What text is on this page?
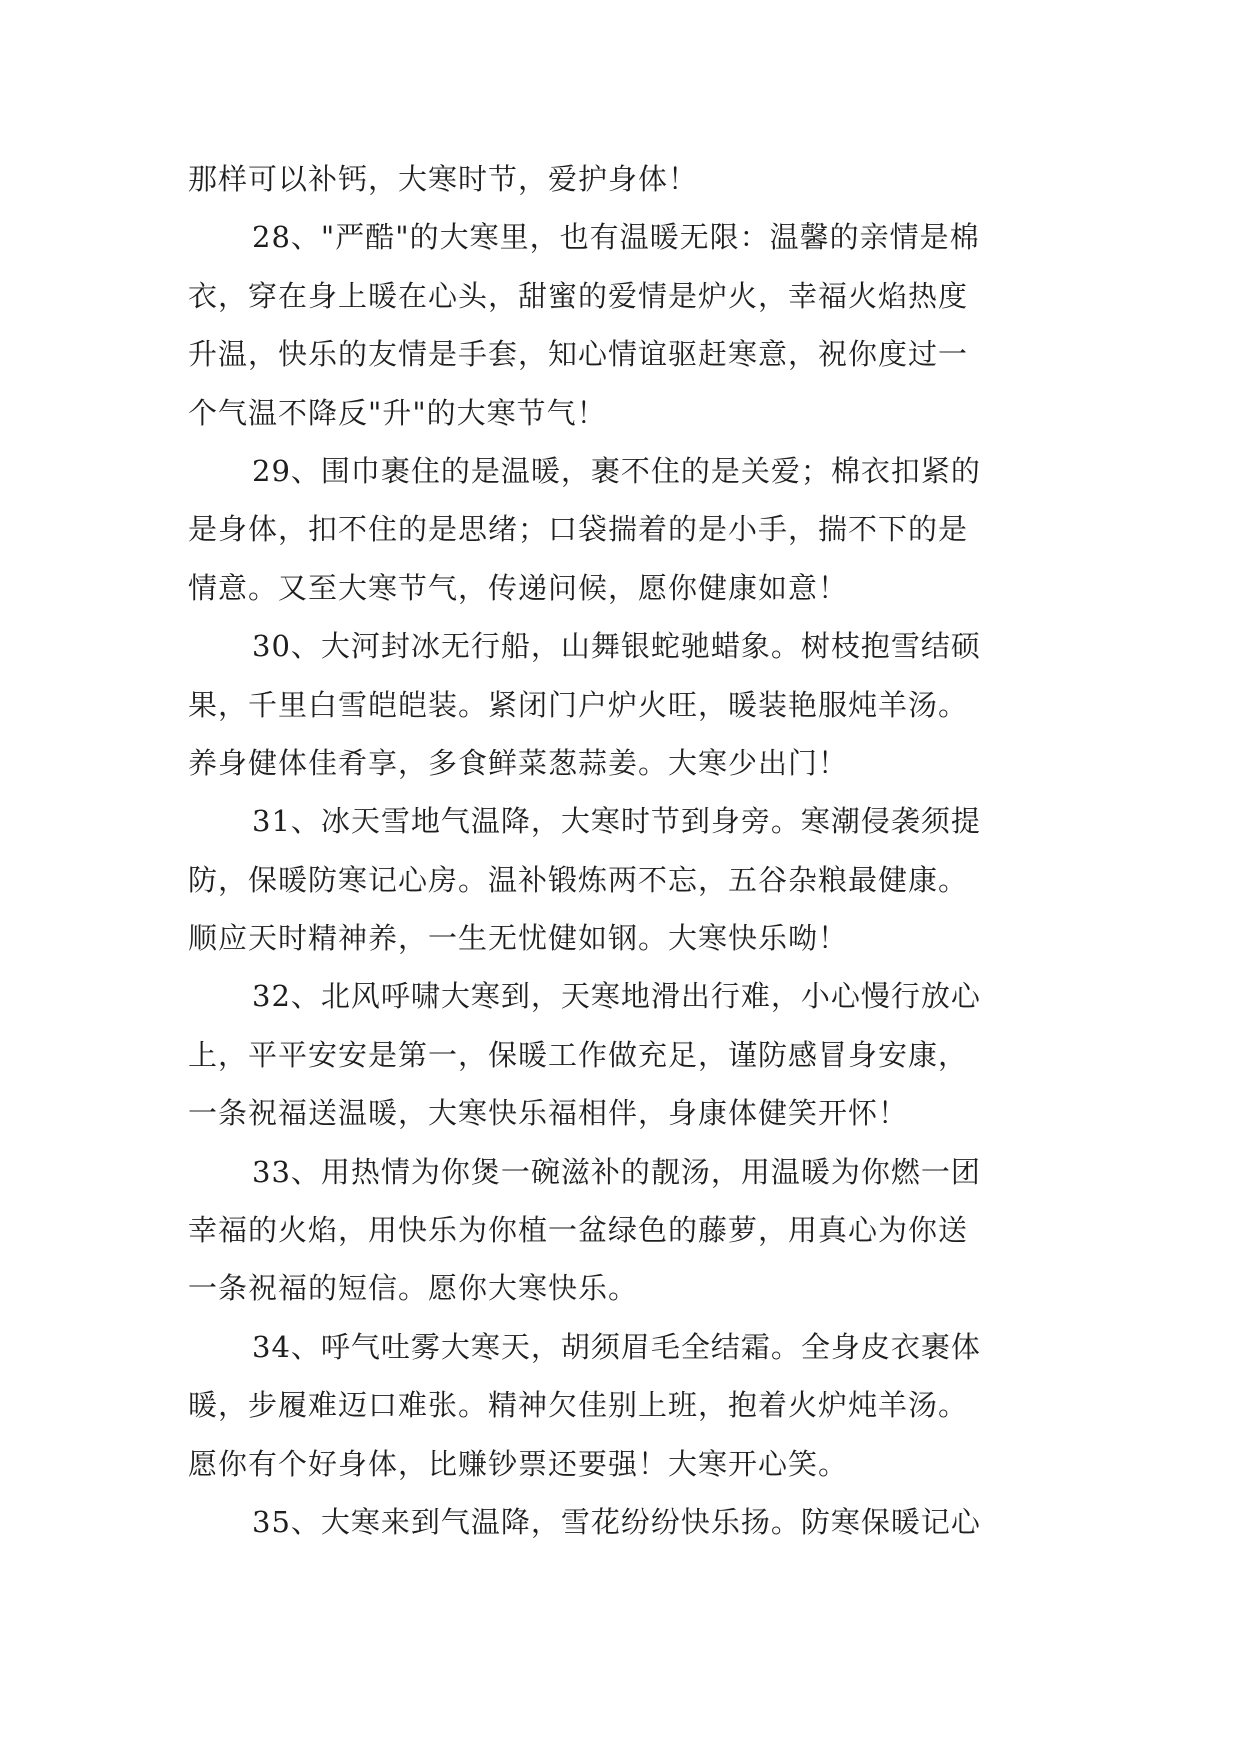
那样可以补钙，大寒时节，爱护身体！
28、"严酷"的大寒里，也有温暖无限：温馨的亲情是棉
衣，穿在身上暖在心头，甜蜜的爱情是炉火，幸福火焰热度
升温，快乐的友情是手套，知心情谊驱赶寒意，祝你度过一
个气温不降反"升"的大寒节气！
29、围巾裹住的是温暖，裹不住的是关爱；棉衣扣紧的
是身体，扣不住的是思绪；口袋揣着的是小手，揣不下的是
情意。又至大寒节气，传递问候，愿你健康如意！
30、大河封冰无行船，山舞银蛇驰蜡象。树枝抱雪结硕
果，千里白雪皑皑装。紧闭门户炉火旺，暖装艳服炖羊汤。
养身健体佳肴享，多食鲜菜葱蒜姜。大寒少出门！
31、冰天雪地气温降，大寒时节到身旁。寒潮侵袭须提
防，保暖防寒记心房。温补锻炼两不忘，五谷杂粮最健康。
顺应天时精神养，一生无忧健如钢。大寒快乐呦！
32、北风呼啸大寒到，天寒地滑出行难，小心慢行放心
上，平平安安是第一，保暖工作做充足，谨防感冒身安康，
一条祝福送温暖，大寒快乐福相伴，身康体健笑开怀！
33、用热情为你煲一碗滋补的靓汤，用温暖为你燃一团
幸福的火焰，用快乐为你植一盆绿色的藤萝，用真心为你送
一条祝福的短信。愿你大寒快乐。
34、呼气吐雾大寒天，胡须眉毛全结霜。全身皮衣裹体
暖，步履难迈口难张。精神欠佳别上班，抱着火炉炖羊汤。
愿你有个好身体，比赚钞票还要强！大寒开心笑。
35、大寒来到气温降，雪花纷纷快乐扬。防寒保暖记心
